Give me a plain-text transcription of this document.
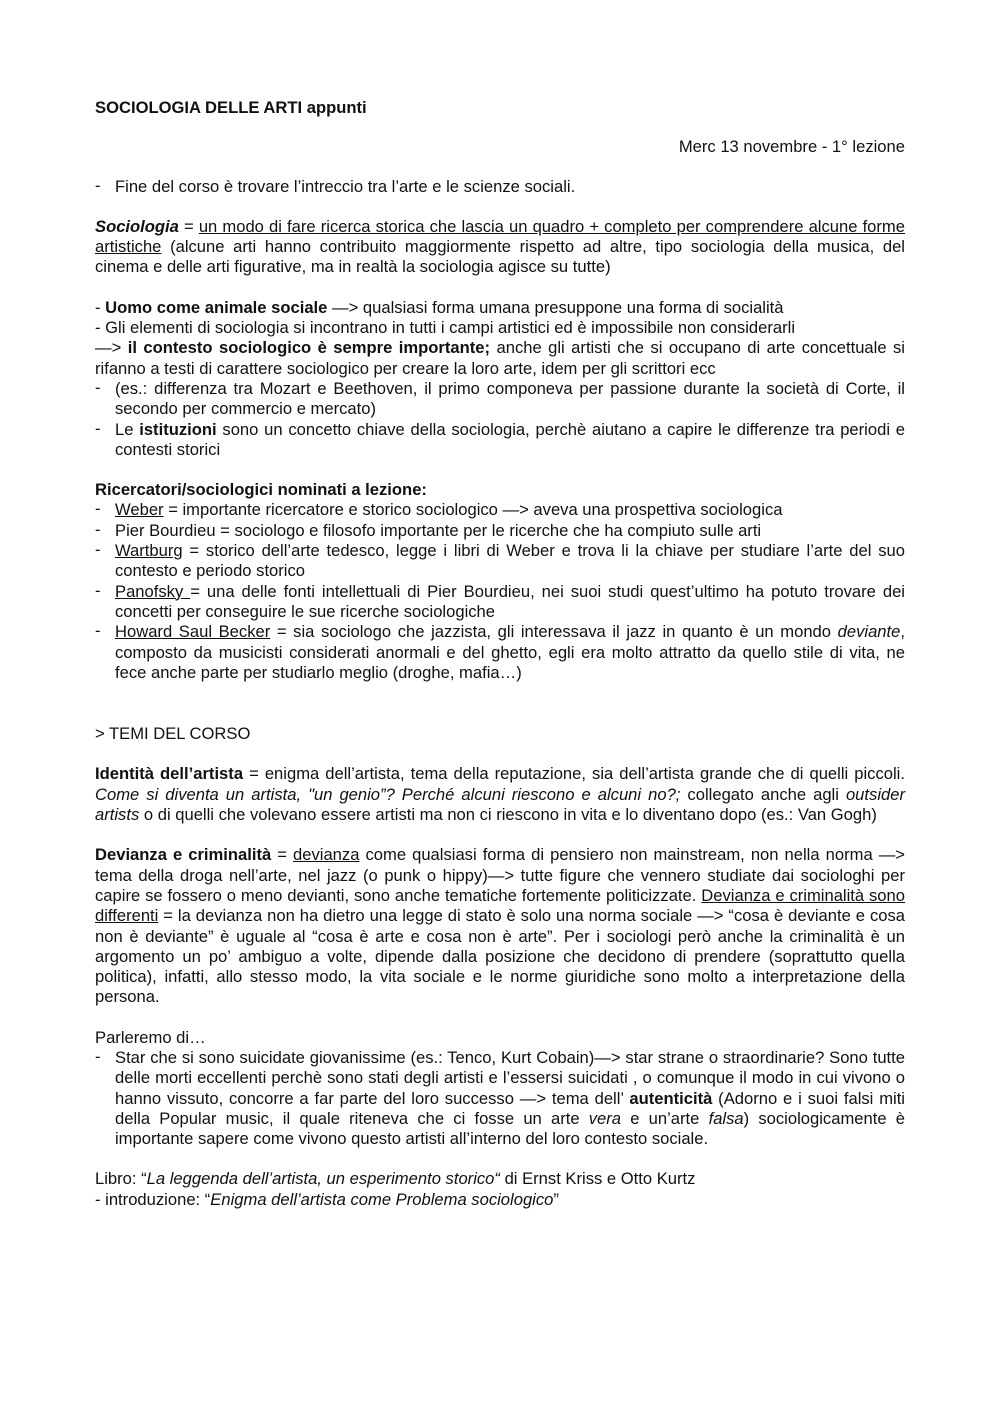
SOCIOLOGIA DELLE ARTI appunti

Merc 13 novembre - 1° lezione

- Fine del corso è trovare l’intreccio tra l’arte e le scienze sociali.

Sociologia = un modo di fare ricerca storica che lascia un quadro + completo per comprendere alcune forme artistiche (alcune arti hanno contribuito maggiormente rispetto ad altre, tipo sociologia della musica, del cinema e delle arti figurative, ma in realtà la sociologia agisce su tutte)

- Uomo come animale sociale —> qualsiasi forma umana presuppone una forma di socialità

- Gli elementi di sociologia si incontrano in tutti i campi artistici ed è impossibile non considerarli

—> il contesto sociologico è sempre importante; anche gli artisti che si occupano di arte concettuale si rifanno a testi di carattere sociologico per creare la loro arte, idem per gli scrittori ecc

- (es.: differenza tra Mozart e Beethoven, il primo componeva per passione durante la società di Corte, il secondo per commercio e mercato)

- Le istituzioni sono un concetto chiave della sociologia, perchè aiutano a capire le differenze tra periodi e contesti storici

Ricercatori/sociologici nominati a lezione:

- Weber = importante ricercatore e storico sociologico —> aveva una prospettiva sociologica

- Pier Bourdieu = sociologo e filosofo importante per le ricerche che ha compiuto sulle arti

- Wartburg = storico dell’arte tedesco, legge i libri di Weber e trova li la chiave per studiare l’arte del suo contesto e periodo storico

- Panofsky = una delle fonti intellettuali di Pier Bourdieu, nei suoi studi quest’ultimo ha potuto trovare dei concetti per conseguire le sue ricerche sociologiche

- Howard Saul Becker = sia sociologo che jazzista, gli interessava il jazz in quanto è un mondo deviante, composto da musicisti considerati anormali e del ghetto, egli era molto attratto da quello stile di vita, ne fece anche parte per studiarlo meglio (droghe, mafia…)

> TEMI DEL CORSO

Identità dell’artista = enigma dell’artista, tema della reputazione, sia dell’artista grande che di quelli piccoli. Come si diventa un artista, "un genio”? Perché alcuni riescono e alcuni no?; collegato anche agli outsider artists o di quelli che volevano essere artisti ma non ci riescono in vita e lo diventano dopo (es.: Van Gogh)

Devianza e criminalità = devianza come qualsiasi forma di pensiero non mainstream, non nella norma —> tema della droga nell’arte, nel jazz (o punk o hippy)—> tutte figure che vennero studiate dai sociologhi per capire se fossero o meno devianti, sono anche tematiche fortemente politicizzate. Devianza e criminalità sono differenti = la devianza non ha dietro una legge di stato è solo una norma sociale —> “cosa è deviante e cosa non è deviante” è uguale al “cosa è arte e cosa non è arte”. Per i sociologi però anche la criminalità è un argomento un po’ ambiguo a volte, dipende dalla posizione che decidono di prendere (soprattutto quella politica), infatti, allo stesso modo, la vita sociale e le norme giuridiche sono molto a interpretazione della persona.

Parleremo di…

- Star che si sono suicidate giovanissime (es.: Tenco, Kurt Cobain)—> star strane o straordinarie? Sono tutte delle morti eccellenti perchè sono stati degli artisti e l’essersi suicidati , o comunque il modo in cui vivono o hanno vissuto, concorre a far parte del loro successo —> tema dell’ autenticità (Adorno e i suoi falsi miti della Popular music, il quale riteneva che ci fosse un arte vera e un’arte falsa) sociologicamente è importante sapere come vivono questo artisti all’interno del loro contesto sociale.

Libro: “La leggenda dell’artista, un esperimento storico“ di Ernst Kriss e Otto Kurtz

- introduzione: “Enigma dell’artista come Problema sociologico”
